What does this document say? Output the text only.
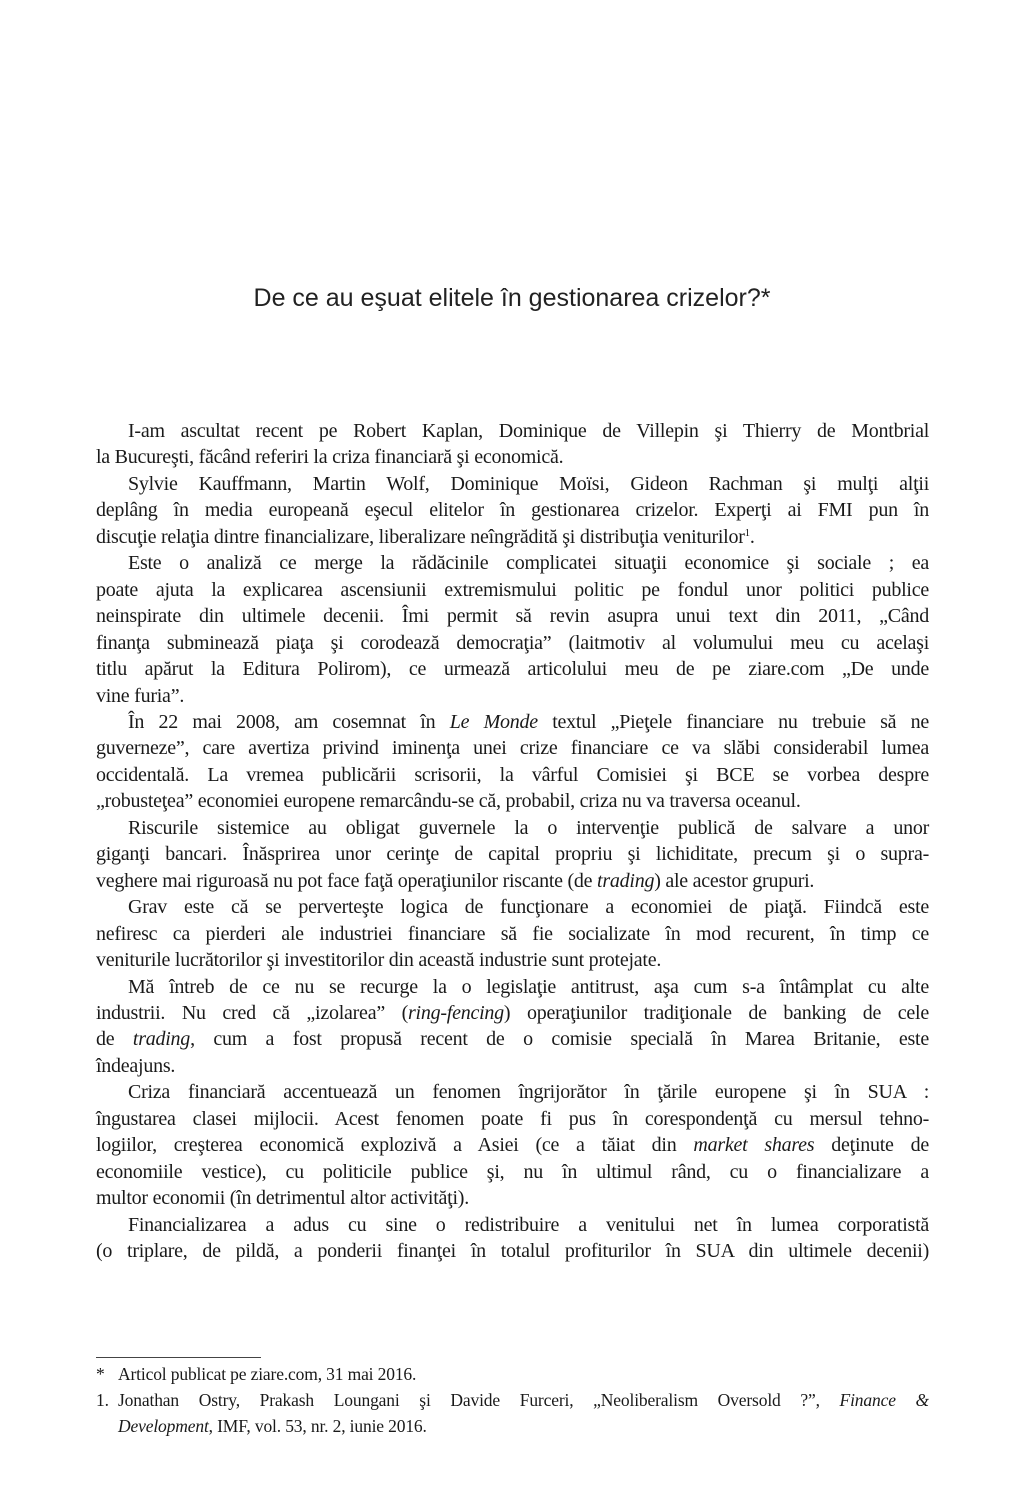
De ce au eşuat elitele în gestionarea crizelor?*
I-am ascultat recent pe Robert Kaplan, Dominique de Villepin şi Thierry de Montbrial
la Bucureşti, făcând referiri la criza financiară şi economică.
Sylvie Kauffmann, Martin Wolf, Dominique Moïsi, Gideon Rachman şi mulţi alţii
deplâng în media europeană eşecul elitelor în gestionarea crizelor. Experţi ai FMI pun în
discuţie relaţia dintre financializare, liberalizare neîngrădită şi distribuţia veniturilor$^1$.
Este o analiză ce merge la rădăcinile complicatei situaţii economice şi sociale ; ea
poate ajuta la explicarea ascensiunii extremismului politic pe fondul unor politici publice
neinspirate din ultimele decenii. Îmi permit să revin asupra unui text din 2011, „Când
finanţa subminează piaţa şi corodează democraţia” (laitmotiv al volumului meu cu acelaşi
titlu apărut la Editura Polirom), ce urmează articolului meu de pe ziare.com „De unde
vine furia”.
În 22 mai 2008, am cosemnat în Le Monde textul „Pieţele financiare nu trebuie să ne
guverneze”, care avertiza privind iminenţa unei crize financiare ce va slăbi considerabil lumea
occidentală. La vremea publicării scrisorii, la vârful Comisiei şi BCE se vorbea despre
„robusteţea” economiei europene remarcându-se că, probabil, criza nu va traversa oceanul.
Riscurile sistemice au obligat guvernele la o intervenţie publică de salvare a unor
giganţi bancari. Înăsprirea unor cerinţe de capital propriu şi lichiditate, precum şi o supra-
veghere mai riguroasă nu pot face faţă operaţiunilor riscante (de trading) ale acestor grupuri.
Grav este că se perverteşte logica de funcţionare a economiei de piaţă. Fiindcă este
nefiresc ca pierderi ale industriei financiare să fie socializate în mod recurent, în timp ce
veniturile lucrătorilor şi investitorilor din această industrie sunt protejate.
Mă întreb de ce nu se recurge la o legislaţie antitrust, aşa cum s-a întâmplat cu alte
industrii. Nu cred că „izolarea” (ring-fencing) operaţiunilor tradiţionale de banking de cele
de trading, cum a fost propusă recent de o comisie specială în Marea Britanie, este
îndeajuns.
Criza financiară accentuează un fenomen îngrijorător în ţările europene şi în SUA :
îngustarea clasei mijlocii. Acest fenomen poate fi pus în corespondenţă cu mersul tehno-
logiilor, creşterea economică explozivă a Asiei (ce a tăiat din market shares deţinute de
economiile vestice), cu politicile publice şi, nu în ultimul rând, cu o financializare a
multor economii (în detrimentul altor activităţi).
Financializarea a adus cu sine o redistribuire a venitului net în lumea corporatistă
(o triplare, de pildă, a ponderii finanţei în totalul profiturilor în SUA din ultimele decenii)
* Articol publicat pe ziare.com, 31 mai 2016.
1. Jonathan Ostry, Prakash Loungani şi Davide Furceri, „Neoliberalism Oversold ?”, Finance &
Development, IMF, vol. 53, nr. 2, iunie 2016.
